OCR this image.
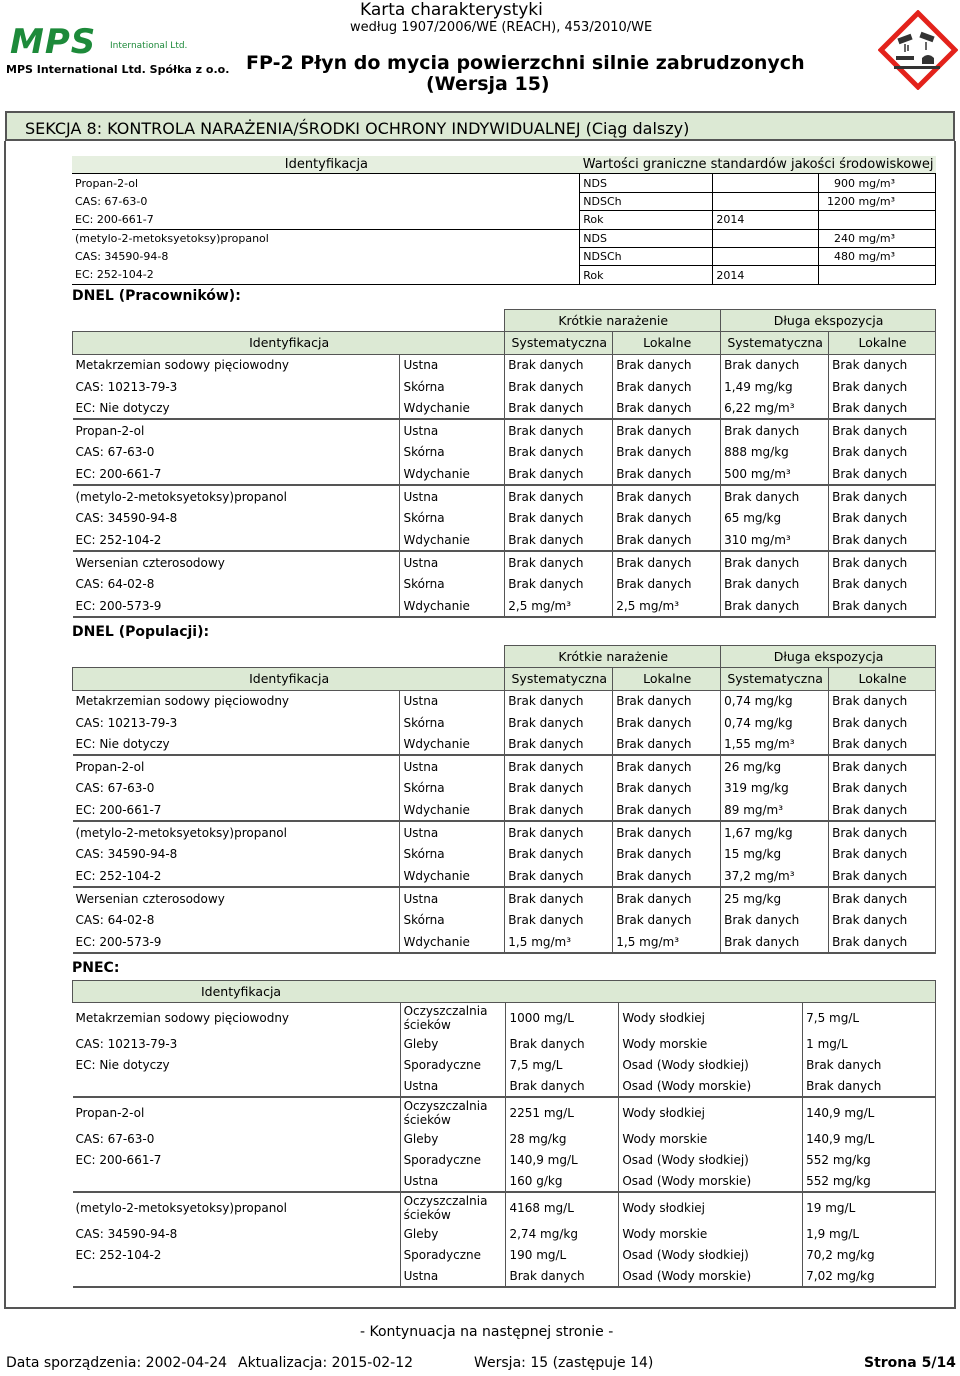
MPS International Ltd.
MPS International Ltd. Spółka z o.o.
Karta charakterystyki
według 1907/2006/WE (REACH), 453/2010/WE
FP-2 Płyn do mycia powierzchni silnie zabrudzonych
(Wersja 15)
SEKCJA 8: KONTROLA NARAŻENIA/ŚRODKI OCHRONY INDYWIDUALNEJ (Ciąg dalszy)
Identyfikacja	Wartości graniczne standardów jakości środowiskowej		
Propan-2-ol	NDS		900 mg/m³
CAS: 67-63-0	NDSCh		1200 mg/m³
EC: 200-661-7	Rok	2014	
(metylo-2-metoksyetoksy)propanol	NDS		240 mg/m³
CAS: 34590-94-8	NDSCh		480 mg/m³
EC: 252-104-2	Rok	2014	
DNEL (Pracowników):
		Krótkie narażenie		Długa ekspozycja	
Identyfikacja		Systematyczna	Lokalne	Systematyczna	Lokalne
Metakrzemian sodowy pięciowodny	Ustna	Brak danych	Brak danych	Brak danych	Brak danych
CAS: 10213-79-3	Skórna	Brak danych	Brak danych	1,49 mg/kg	Brak danych
EC: Nie dotyczy	Wdychanie	Brak danych	Brak danych	6,22 mg/m³	Brak danych
Propan-2-ol	Ustna	Brak danych	Brak danych	Brak danych	Brak danych
CAS: 67-63-0	Skórna	Brak danych	Brak danych	888 mg/kg	Brak danych
EC: 200-661-7	Wdychanie	Brak danych	Brak danych	500 mg/m³	Brak danych
(metylo-2-metoksyetoksy)propanol	Ustna	Brak danych	Brak danych	Brak danych	Brak danych
CAS: 34590-94-8	Skórna	Brak danych	Brak danych	65 mg/kg	Brak danych
EC: 252-104-2	Wdychanie	Brak danych	Brak danych	310 mg/m³	Brak danych
Wersenian czterosodowy	Ustna	Brak danych	Brak danych	Brak danych	Brak danych
CAS: 64-02-8	Skórna	Brak danych	Brak danych	Brak danych	Brak danych
EC: 200-573-9	Wdychanie	2,5 mg/m³	2,5 mg/m³	Brak danych	Brak danych
DNEL (Populacji):
		Krótkie narażenie		Długa ekspozycja	
Identyfikacja		Systematyczna	Lokalne	Systematyczna	Lokalne
Metakrzemian sodowy pięciowodny	Ustna	Brak danych	Brak danych	0,74 mg/kg	Brak danych
CAS: 10213-79-3	Skórna	Brak danych	Brak danych	0,74 mg/kg	Brak danych
EC: Nie dotyczy	Wdychanie	Brak danych	Brak danych	1,55 mg/m³	Brak danych
Propan-2-ol	Ustna	Brak danych	Brak danych	26 mg/kg	Brak danych
CAS: 67-63-0	Skórna	Brak danych	Brak danych	319 mg/kg	Brak danych
EC: 200-661-7	Wdychanie	Brak danych	Brak danych	89 mg/m³	Brak danych
(metylo-2-metoksyetoksy)propanol	Ustna	Brak danych	Brak danych	1,67 mg/kg	Brak danych
CAS: 34590-94-8	Skórna	Brak danych	Brak danych	15 mg/kg	Brak danych
EC: 252-104-2	Wdychanie	Brak danych	Brak danych	37,2 mg/m³	Brak danych
Wersenian czterosodowy	Ustna	Brak danych	Brak danych	25 mg/kg	Brak danych
CAS: 64-02-8	Skórna	Brak danych	Brak danych	Brak danych	Brak danych
EC: 200-573-9	Wdychanie	1,5 mg/m³	1,5 mg/m³	Brak danych	Brak danych
PNEC:
Identyfikacja				
Metakrzemian sodowy pięciowodny	Oczyszczalnia ścieków	1000 mg/L	Wody słodkiej	7,5 mg/L
CAS: 10213-79-3	Gleby	Brak danych	Wody morskie	1 mg/L
EC: Nie dotyczy	Sporadyczne	7,5 mg/L	Osad (Wody słodkiej)	Brak danych
	Ustna	Brak danych	Osad (Wody morskie)	Brak danych
Propan-2-ol	Oczyszczalnia ścieków	2251 mg/L	Wody słodkiej	140,9 mg/L
CAS: 67-63-0	Gleby	28 mg/kg	Wody morskie	140,9 mg/L
EC: 200-661-7	Sporadyczne	140,9 mg/L	Osad (Wody słodkiej)	552 mg/kg
	Ustna	160 g/kg	Osad (Wody morskie)	552 mg/kg
(metylo-2-metoksyetoksy)propanol	Oczyszczalnia ścieków	4168 mg/L	Wody słodkiej	19 mg/L
CAS: 34590-94-8	Gleby	2,74 mg/kg	Wody morskie	1,9 mg/L
EC: 252-104-2	Sporadyczne	190 mg/L	Osad (Wody słodkiej)	70,2 mg/kg
	Ustna	Brak danych	Osad (Wody morskie)	7,02 mg/kg
- Kontynuacja na następnej stronie -
Data sporządzenia: 2002-04-24 Aktualizacja: 2015-02-12	Wersja: 15 (zastępuje 14)	Strona 5/14
